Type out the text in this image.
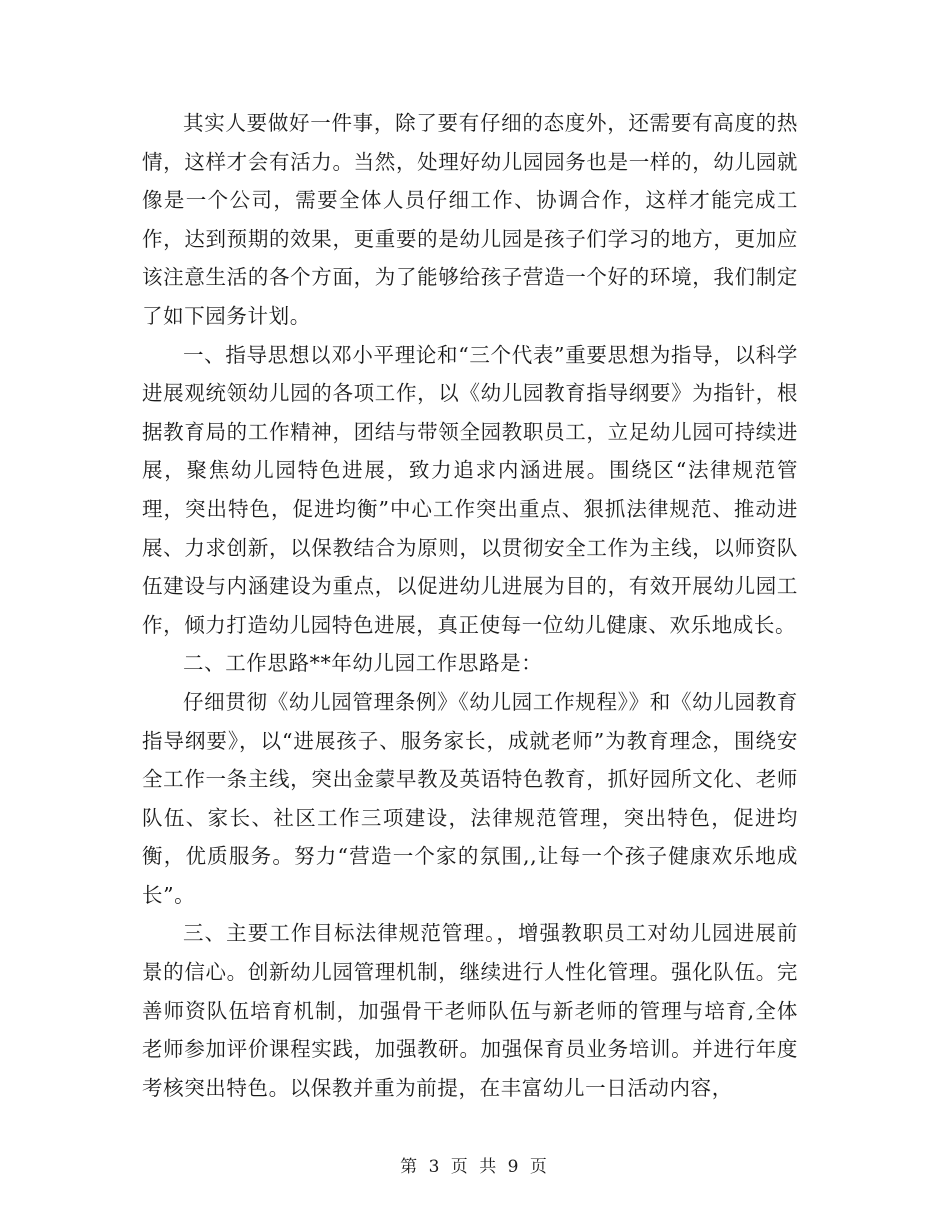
其实人要做好一件事，除了要有仔细的态度外，还需要有高度的热情，这样才会有活力。当然，处理好幼儿园园务也是一样的，幼儿园就像是一个公司，需要全体人员仔细工作、协调合作，这样才能完成工作，达到预期的效果，更重要的是幼儿园是孩子们学习的地方，更加应该注意生活的各个方面，为了能够给孩子营造一个好的环境，我们制定了如下园务计划。

一、指导思想以邓小平理论和“三个代表”重要思想为指导，以科学进展观统领幼儿园的各项工作，以《幼儿园教育指导纲要》为指针，根据教育局的工作精神，团结与带领全园教职员工，立足幼儿园可持续进展，聚焦幼儿园特色进展，致力追求内涵进展。围绕区“法律规范管理，突出特色，促进均衡”中心工作突出重点、狠抓法律规范、推动进展、力求创新，以保教结合为原则，以贯彻安全工作为主线，以师资队伍建设与内涵建设为重点，以促进幼儿进展为目的，有效开展幼儿园工作，倾力打造幼儿园特色进展，真正使每一位幼儿健康、欢乐地成长。

二、工作思路**年幼儿园工作思路是：

仔细贯彻《幼儿园管理条例》《幼儿园工作规程》》和《幼儿园教育指导纲要》，以“进展孩子、服务家长，成就老师”为教育理念，围绕安全工作一条主线，突出金蒙早教及英语特色教育，抓好园所文化、老师队伍、家长、社区工作三项建设，法律规范管理，突出特色，促进均衡，优质服务。努力“营造一个家的氛围,,让每一个孩子健康欢乐地成长”。

三、主要工作目标法律规范管理。，增强教职员工对幼儿园进展前景的信心。创新幼儿园管理机制，继续进行人性化管理。强化队伍。完善师资队伍培育机制，加强骨干老师队伍与新老师的管理与培育,全体老师参加评价课程实践，加强教研。加强保育员业务培训。并进行年度考核突出特色。以保教并重为前提，在丰富幼儿一日活动内容，

第 3 页 共 9 页
